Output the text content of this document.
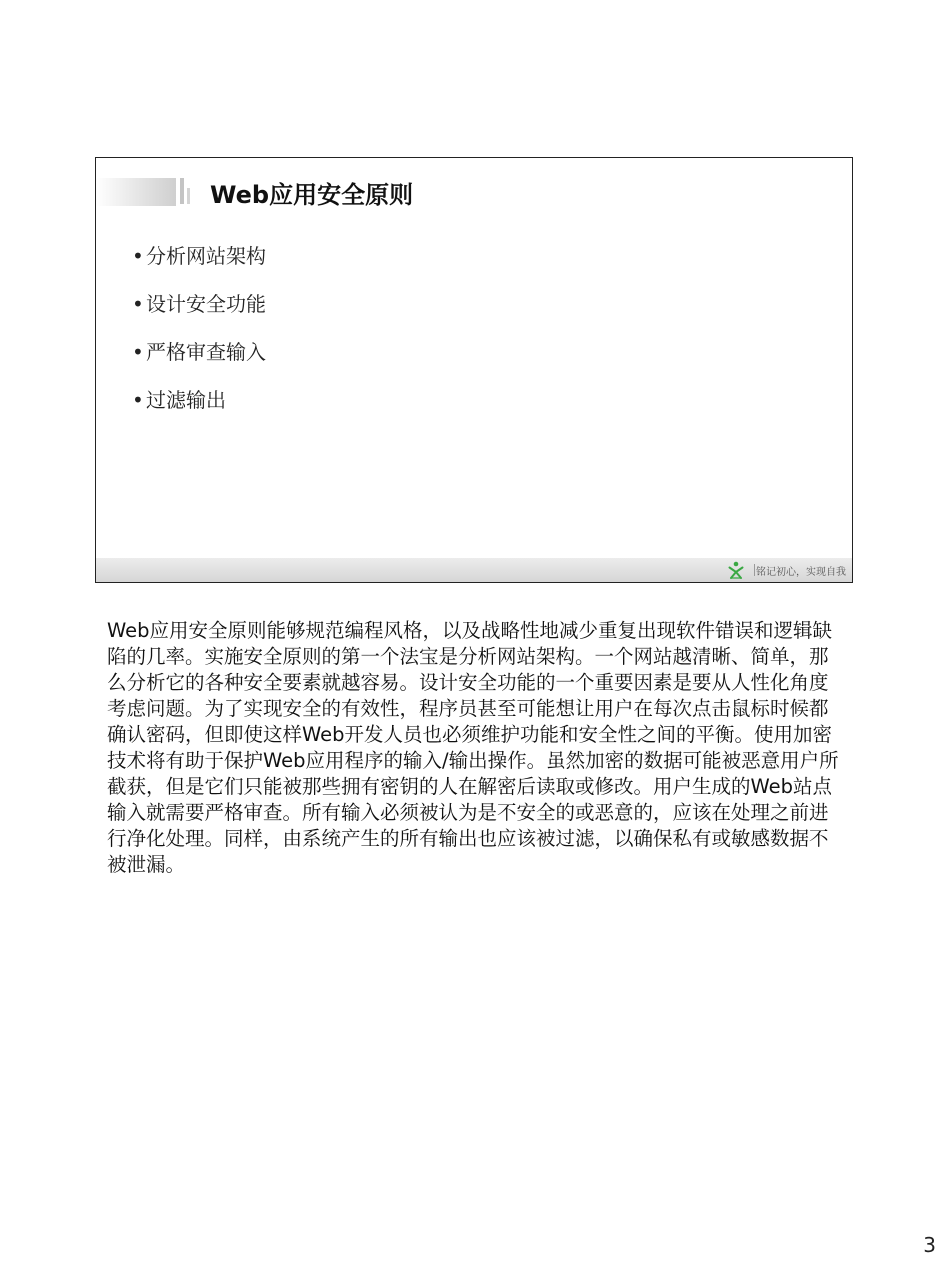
Web应用安全原则
• 分析网站架构
• 设计安全功能
• 严格审查输入
• 过滤输出
铭记初心，实现自我

Web应用安全原则能够规范编程风格，以及战略性地减少重复出现软件错误和逻辑缺陷的几率。实施安全原则的第一个法宝是分析网站架构。一个网站越清晰、简单，那么分析它的各种安全要素就越容易。设计安全功能的一个重要因素是要从人性化角度考虑问题。为了实现安全的有效性，程序员甚至可能想让用户在每次点击鼠标时候都确认密码，但即使这样Web开发人员也必须维护功能和安全性之间的平衡。使用加密技术将有助于保护Web应用程序的输入/输出操作。虽然加密的数据可能被恶意用户所截获，但是它们只能被那些拥有密钥的人在解密后读取或修改。用户生成的Web站点输入就需要严格审查。所有输入必须被认为是不安全的或恶意的，应该在处理之前进行净化处理。同样，由系统产生的所有输出也应该被过滤，以确保私有或敏感数据不被泄漏。

3
